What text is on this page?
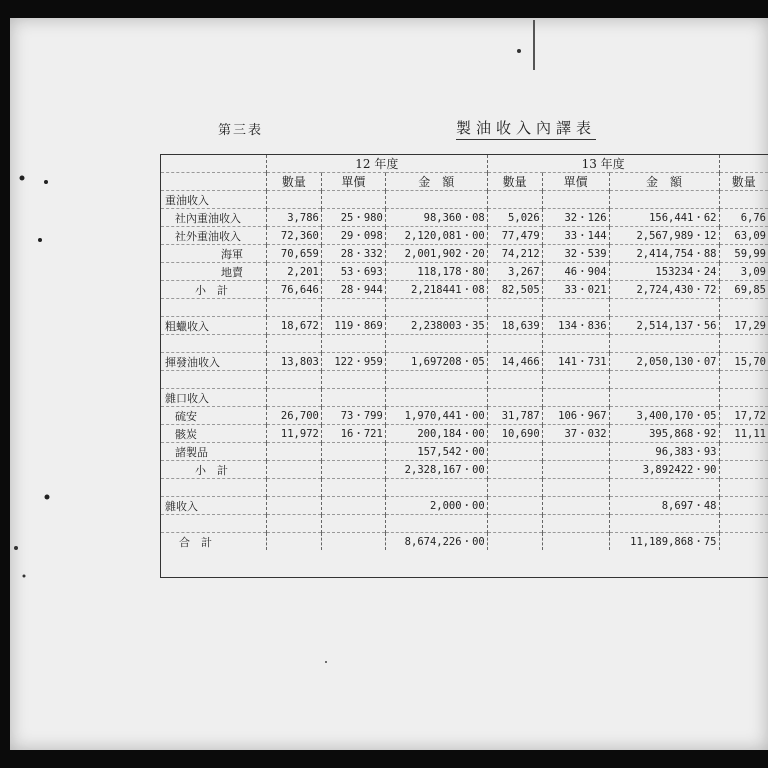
第三表	製油收入內譯表
	12 年度			13 年度			
	數量	單價	金　額	數量	單價	金　額	數量
重油收入							
社內重油收入	3,786	25・980	98,360・08	5,026	32・126	156,441・62	6,76
社外重油收入	72,360	29・098	2,120,081・00	77,479	33・144	2,567,989・12	63,09
海軍	70,659	28・332	2,001,902・20	74,212	32・539	2,414,754・88	59,99
地賣	2,201	53・693	118,178・80	3,267	46・904	153234・24	3,09
小　計	76,646	28・944	2,218441・08	82,505	33・021	2,724,430・72	69,85

粗蠟收入	18,672	119・869	2,238003・35	18,639	134・836	2,514,137・56	17,29

揮發油收入	13,803	122・959	1,697208・05	14,466	141・731	2,050,130・07	15,70

雜口收入							
硫安	26,700	73・799	1,970,441・00	31,787	106・967	3,400,170・05	17,72
骸炭	11,972	16・721	200,184・00	10,690	37・032	395,868・92	11,11
諸製品			157,542・00			96,383・93	
小　計			2,328,167・00			3,892422・90	

雜收入			2,000・00			8,697・48	

合　計			8,674,226・00			11,189,868・75	
